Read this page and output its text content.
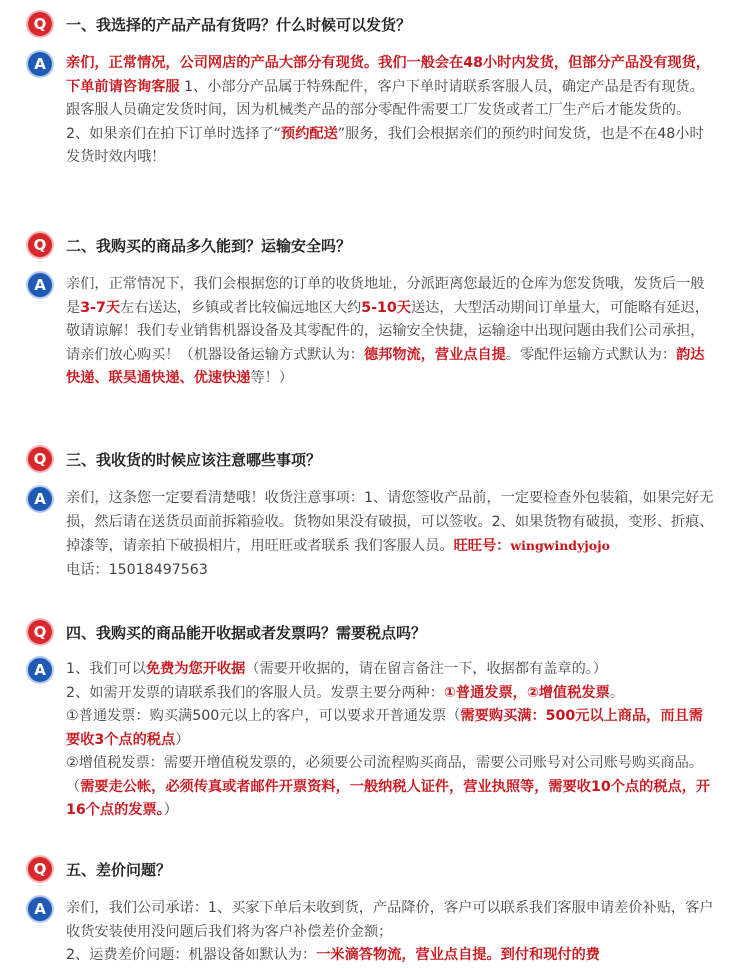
Q	一、我选择的产品产品有货吗？什么时候可以发货？
A	亲们，正常情况，公司网店的产品大部分有现货。我们一般会在48小时内发货，但部分产品没有现货，下单前请咨询客服 1、小部分产品属于特殊配件，客户下单时请联系客服人员，确定产品是否有现货。跟客服人员确定发货时间，因为机械类产品的部分零配件需要工厂发货或者工厂生产后才能发货的。
2、如果亲们在拍下订单时选择了“预约配送”服务，我们会根据亲们的预约时间发货，也是不在48小时发货时效内哦！
Q	二、我购买的商品多久能到？运输安全吗？
A	亲们，正常情况下，我们会根据您的订单的收货地址，分派距离您最近的仓库为您发货哦，发货后一般是3-7天左右送达，乡镇或者比较偏远地区大约5-10天送达，大型活动期间订单量大，可能略有延迟，敬请谅解！我们专业销售机器设备及其零配件的，运输安全快捷，运输途中出现问题由我们公司承担，请亲们放心购买！（机器设备运输方式默认为：德邦物流，营业点自提。零配件运输方式默认为：韵达快递、联昊通快递、优速快递等！）
Q	三、我收货的时候应该注意哪些事项？
A	亲们，这条您一定要看清楚哦！收货注意事项：1、请您签收产品前，一定要检查外包装箱，如果完好无损，然后请在送货员面前拆箱验收。货物如果没有破损，可以签收。2、如果货物有破损，变形、折痕、掉漆等，请亲拍下破损相片，用旺旺或者联系 我们客服人员。旺旺号：wingwindyjojo
电话：15018497563
Q	四、我购买的商品能开收据或者发票吗？需要税点吗？
A	1、我们可以免费为您开收据（需要开收据的，请在留言备注一下，收据都有盖章的。）
2、如需开发票的请联系我们的客服人员。发票主要分两种：①普通发票，②增值税发票。
①普通发票：购买满500元以上的客户，可以要求开普通发票（需要购买满：500元以上商品，而且需要收3个点的税点）
②增值税发票：需要开增值税发票的，必须要公司流程购买商品，需要公司账号对公司账号购买商品。（需要走公帐，必须传真或者邮件开票资料，一般纳税人证件，营业执照等，需要收10个点的税点，开16个点的发票。）
Q	五、差价问题？
A	亲们，我们公司承诺：1、买家下单后未收到货，产品降价，客户可以联系我们客服申请差价补贴，客户收货安装使用没问题后我们将为客户补偿差价金额；
2、运费差价问题：机器设备如默认为：一米滴答物流，营业点自提。到付和现付的费
